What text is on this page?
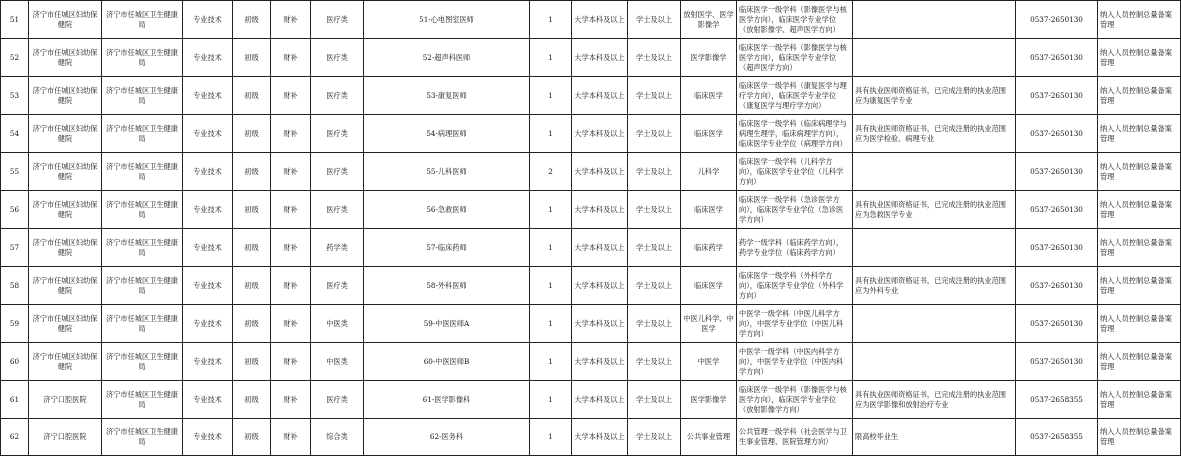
51	济宁市任城区妇幼保健院	济宁市任城区卫生健康局	专业技术	初级	财补	医疗类	51-心电图室医师	1	大学本科及以上	学士及以上	放射医学、医学影像学	临床医学一级学科（影像医学与核医学方向），临床医学专业学位（放射影像学、超声医学方向）		0537-2650130	纳入人员控制总量备案管理
52	济宁市任城区妇幼保健院	济宁市任城区卫生健康局	专业技术	初级	财补	医疗类	52-超声科医师	1	大学本科及以上	学士及以上	医学影像学	临床医学一级学科（影像医学与核医学方向），临床医学专业学位（超声医学方向）		0537-2650130	纳入人员控制总量备案管理
53	济宁市任城区妇幼保健院	济宁市任城区卫生健康局	专业技术	初级	财补	医疗类	53-康复医师	1	大学本科及以上	学士及以上	临床医学	临床医学一级学科（康复医学与理疗学方向），临床医学专业学位（康复医学与理疗学方向）	具有执业医师资格证书，已完成注册的执业范围应为康复医学专业	0537-2650130	纳入人员控制总量备案管理
54	济宁市任城区妇幼保健院	济宁市任城区卫生健康局	专业技术	初级	财补	医疗类	54-病理医师	1	大学本科及以上	学士及以上	临床医学	临床医学一级学科（临床病理学与病理生理学，临床病理学方向），临床医学专业学位（病理学方向）	具有执业医师资格证书，已完成注册的执业范围应为医学检验、病理专业	0537-2650130	纳入人员控制总量备案管理
55	济宁市任城区妇幼保健院	济宁市任城区卫生健康局	专业技术	初级	财补	医疗类	55-儿科医师	2	大学本科及以上	学士及以上	儿科学	临床医学一级学科（儿科学方向），临床医学专业学位（儿科学方向）		0537-2650130	纳入人员控制总量备案管理
56	济宁市任城区妇幼保健院	济宁市任城区卫生健康局	专业技术	初级	财补	医疗类	56-急救医师	1	大学本科及以上	学士及以上	临床医学	临床医学一级学科（急诊医学方向），临床医学专业学位（急诊医学方向）	具有执业医师资格证书，已完成注册的执业范围应为急救医学专业	0537-2650130	纳入人员控制总量备案管理
57	济宁市任城区妇幼保健院	济宁市任城区卫生健康局	专业技术	初级	财补	药学类	57-临床药师	1	大学本科及以上	学士及以上	临床药学	药学一级学科（临床药学方向），药学专业学位（临床药学方向）		0537-2650130	纳入人员控制总量备案管理
58	济宁市任城区妇幼保健院	济宁市任城区卫生健康局	专业技术	初级	财补	医疗类	58-外科医师	1	大学本科及以上	学士及以上	临床医学	临床医学一级学科（外科学方向），临床医学专业学位（外科学方向）	具有执业医师资格证书，已完成注册的执业范围应为外科专业	0537-2650130	纳入人员控制总量备案管理
59	济宁市任城区妇幼保健院	济宁市任城区卫生健康局	专业技术	初级	财补	中医类	59-中医医师A	1	大学本科及以上	学士及以上	中医儿科学、中医学	中医学一级学科（中医儿科学方向），中医学专业学位（中医儿科学方向）		0537-2650130	纳入人员控制总量备案管理
60	济宁市任城区妇幼保健院	济宁市任城区卫生健康局	专业技术	初级	财补	中医类	60-中医医师B	1	大学本科及以上	学士及以上	中医学	中医学一级学科（中医内科学方向），中医学专业学位（中医内科学方向）		0537-2650130	纳入人员控制总量备案管理
61	济宁口腔医院	济宁市任城区卫生健康局	专业技术	初级	财补	医疗类	61-医学影像科	1	大学本科及以上	学士及以上	医学影像学	临床医学一级学科（影像医学与核医学方向），临床医学专业学位（放射影像学方向）	具有执业医师资格证书，已完成注册的执业范围应为医学影像和放射治疗专业	0537-2658355	纳入人员控制总量备案管理
62	济宁口腔医院	济宁市任城区卫生健康局	专业技术	初级	财补	综合类	62-医务科	1	大学本科及以上	学士及以上	公共事业管理	公共管理一级学科（社会医学与卫生事业管理、医院管理方向）	限高校毕业生	0537-2658355	纳入人员控制总量备案管理
